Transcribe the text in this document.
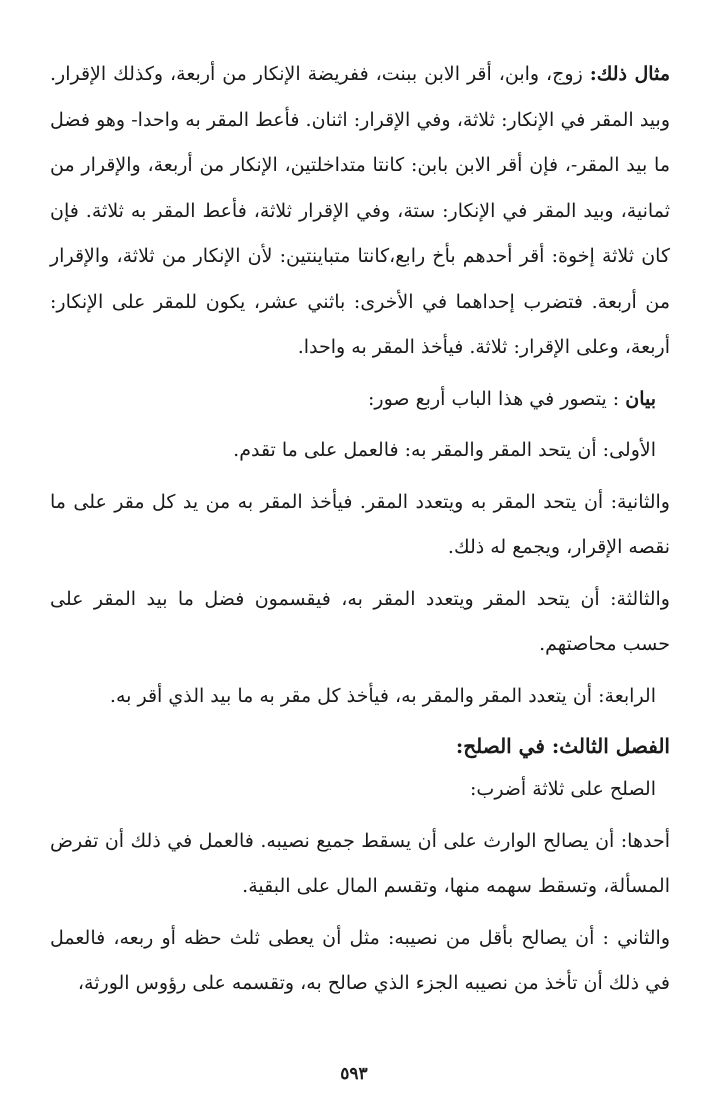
مثال ذلك: زوج، وابن، أقر الابن ببنت، ففريضة الإنكار من أربعة، وكذلك الإقرار. وبيد المقر في الإنكار: ثلاثة، وفي الإقرار: اثنان. فأعط المقر به واحدا- وهو فضل ما بيد المقر-، فإن أقر الابن بابن: كانتا متداخلتين، الإنكار من أربعة، والإقرار من ثمانية، وبيد المقر في الإنكار: ستة، وفي الإقرار ثلاثة، فأعط المقر به ثلاثة. فإن كان ثلاثة إخوة: أقر أحدهم بأخ رابع،كانتا متباينتين: لأن الإنكار من ثلاثة، والإقرار من أربعة. فتضرب إحداهما في الأخرى: باثني عشر، يكون للمقر على الإنكار: أربعة، وعلى الإقرار: ثلاثة. فيأخذ المقر به واحدا.

بيان : يتصور في هذا الباب أربع صور:

الأولى: أن يتحد المقر والمقر به: فالعمل على ما تقدم.

والثانية: أن يتحد المقر به ويتعدد المقر. فيأخذ المقر به من يد كل مقر على ما نقصه الإقرار، ويجمع له ذلك.

والثالثة: أن يتحد المقر ويتعدد المقر به، فيقسمون فضل ما بيد المقر على حسب محاصتهم.

الرابعة: أن يتعدد المقر والمقر به، فيأخذ كل مقر به ما بيد الذي أقر به.

الفصل الثالث: في الصلح:

الصلح على ثلاثة أضرب:

أحدها: أن يصالح الوارث على أن يسقط جميع نصيبه. فالعمل في ذلك أن تفرض المسألة، وتسقط سهمه منها، وتقسم المال على البقية.

والثاني : أن يصالح بأقل من نصيبه: مثل أن يعطى ثلث حظه أو ربعه، فالعمل في ذلك أن تأخذ من نصيبه الجزء الذي صالح به، وتقسمه على رؤوس الورثة،

٥٩٣
